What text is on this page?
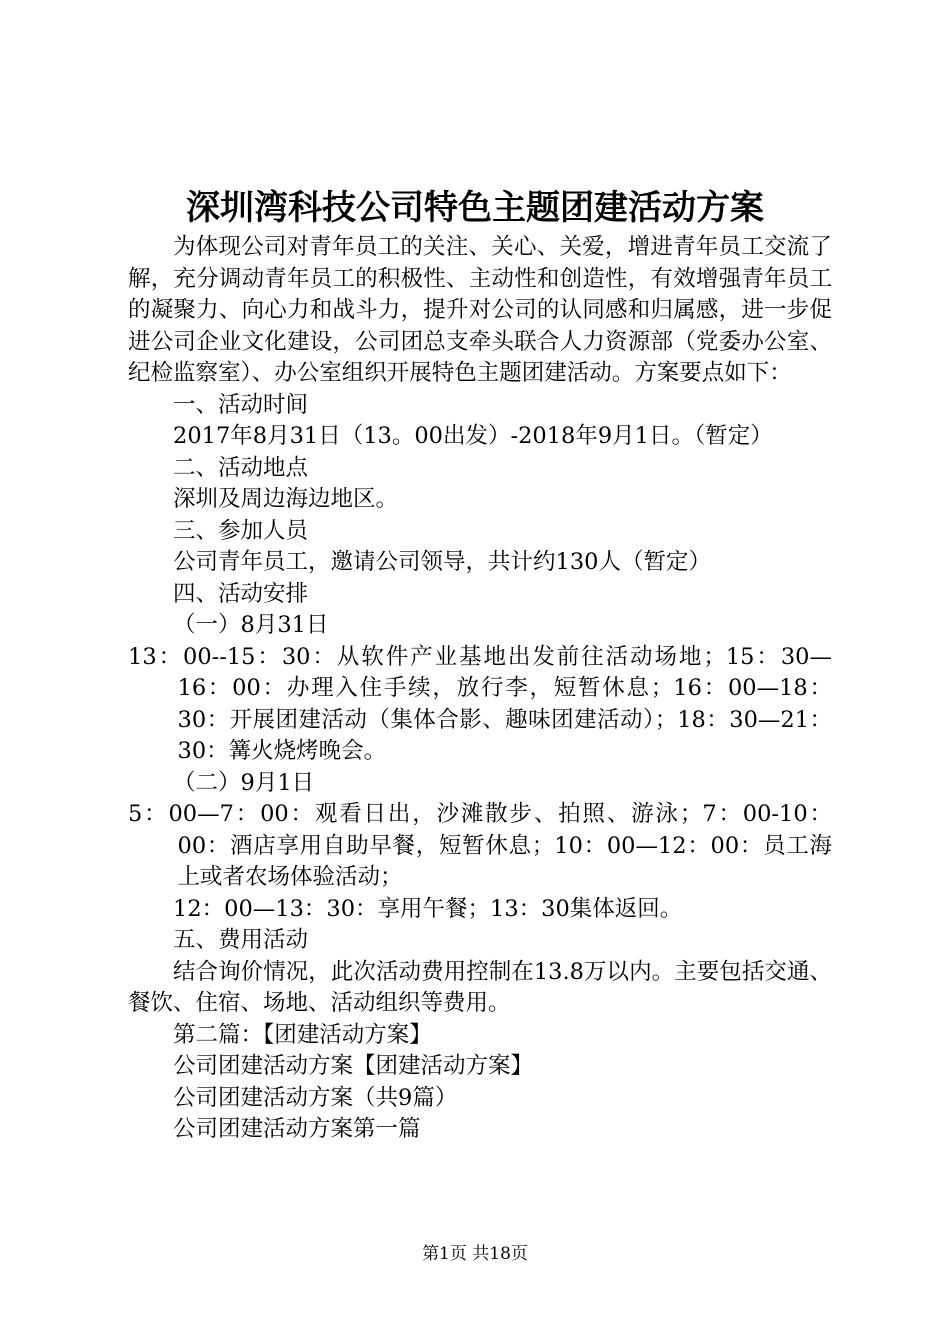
深圳湾科技公司特色主题团建活动方案

为体现公司对青年员工的关注、关心、关爱，增进青年员工交流了解，充分调动青年员工的积极性、主动性和创造性，有效增强青年员工的凝聚力、向心力和战斗力，提升对公司的认同感和归属感，进一步促进公司企业文化建设，公司团总支牵头联合人力资源部（党委办公室、纪检监察室）、办公室组织开展特色主题团建活动。方案要点如下：

一、活动时间

2017年8月31日（13。00出发）-2018年9月1日。（暂定）

二、活动地点

深圳及周边海边地区。

三、参加人员

公司青年员工，邀请公司领导，共计约130人（暂定）

四、活动安排

（一）8月31日

13：00--15：30：从软件产业基地出发前往活动场地；15：30—16：00：办理入住手续，放行李，短暂休息；16：00—18：30：开展团建活动（集体合影、趣味团建活动）；18：30—21：30：篝火烧烤晚会。

（二）9月1日

5：00—7：00：观看日出，沙滩散步、拍照、游泳；7：00-10：00：酒店享用自助早餐，短暂休息；10：00—12：00：员工海上或者农场体验活动；

12：00—13：30：享用午餐；13：30集体返回。

五、费用活动

结合询价情况，此次活动费用控制在13.8万以内。主要包括交通、餐饮、住宿、场地、活动组织等费用。

第二篇：【团建活动方案】

公司团建活动方案【团建活动方案】

公司团建活动方案（共9篇）

公司团建活动方案第一篇

第1页 共18页
